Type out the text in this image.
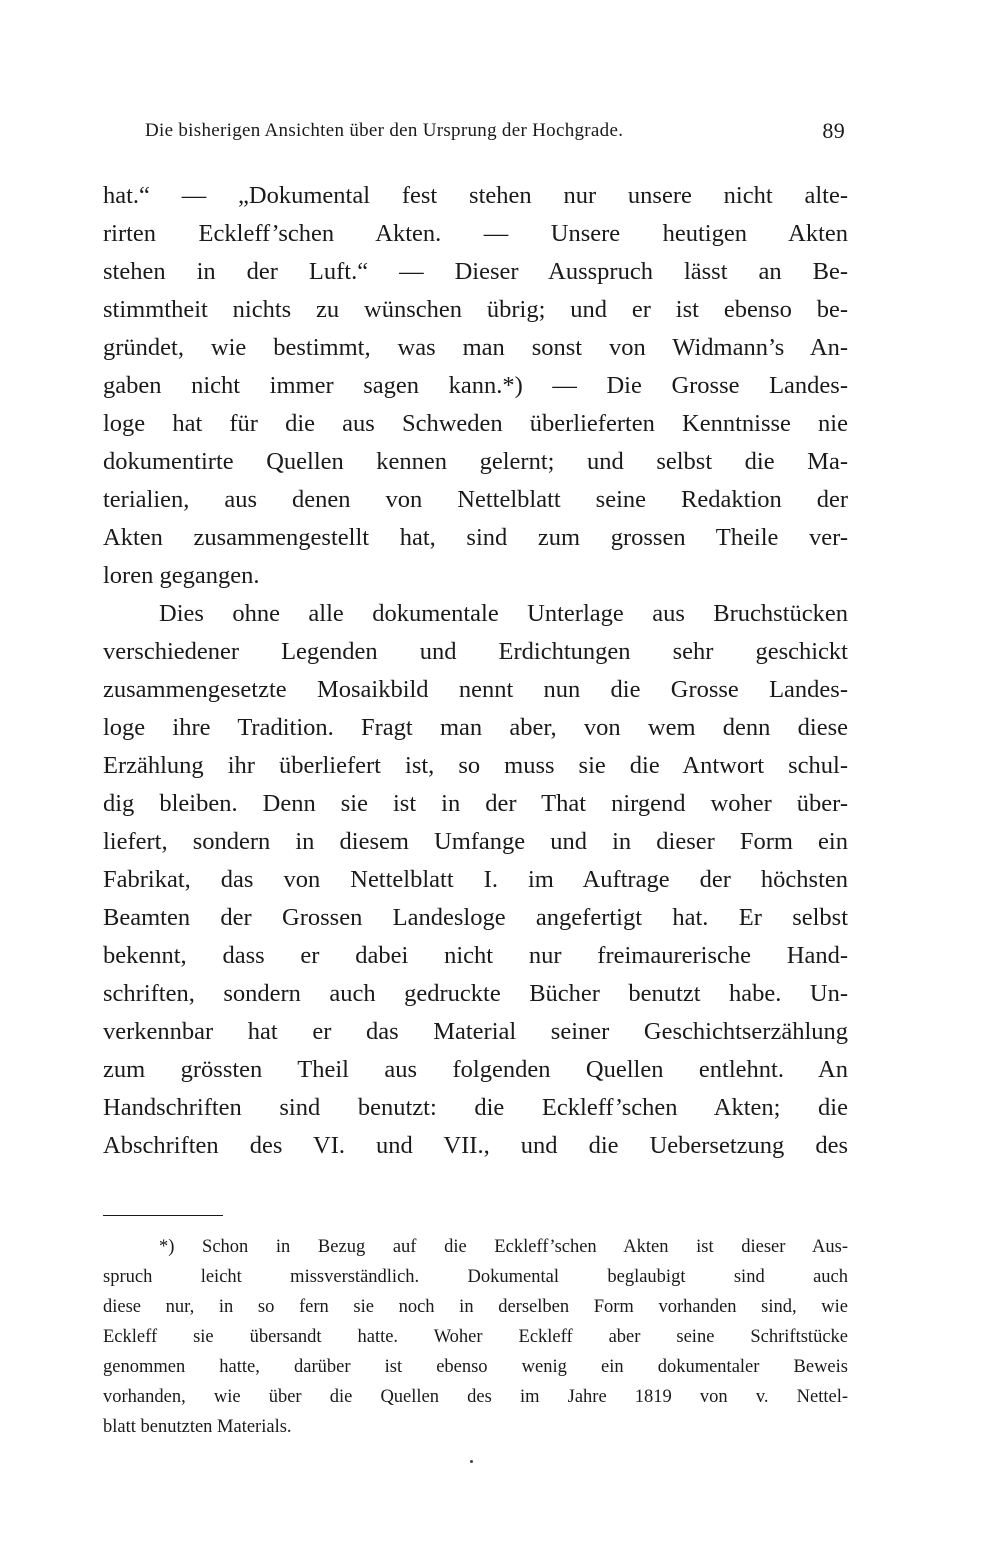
Die bisherigen Ansichten über den Ursprung der Hochgrade.	89
hat.“ — „Dokumental fest stehen nur unsere nicht alte-
rirten Eckleff’schen Akten. — Unsere heutigen Akten
stehen in der Luft.“ — Dieser Ausspruch lässt an Be-
stimmtheit nichts zu wünschen übrig; und er ist ebenso be-
gründet, wie bestimmt, was man sonst von Widmann’s An-
gaben nicht immer sagen kann.*) — Die Grosse Landes-
loge hat für die aus Schweden überlieferten Kenntnisse nie
dokumentirte Quellen kennen gelernt; und selbst die Ma-
terialien, aus denen von Nettelblatt seine Redaktion der
Akten zusammengestellt hat, sind zum grossen Theile ver-
loren gegangen.
Dies ohne alle dokumentale Unterlage aus Bruchstücken
verschiedener Legenden und Erdichtungen sehr geschickt
zusammengesetzte Mosaikbild nennt nun die Grosse Landes-
loge ihre Tradition. Fragt man aber, von wem denn diese
Erzählung ihr überliefert ist, so muss sie die Antwort schul-
dig bleiben. Denn sie ist in der That nirgend woher über-
liefert, sondern in diesem Umfange und in dieser Form ein
Fabrikat, das von Nettelblatt I. im Auftrage der höchsten
Beamten der Grossen Landesloge angefertigt hat. Er selbst
bekennt, dass er dabei nicht nur freimaurerische Hand-
schriften, sondern auch gedruckte Bücher benutzt habe. Un-
verkennbar hat er das Material seiner Geschichtserzählung
zum grössten Theil aus folgenden Quellen entlehnt. An
Handschriften sind benutzt: die Eckleff’schen Akten; die
Abschriften des VI. und VII., und die Uebersetzung des
*) Schon in Bezug auf die Eckleff’schen Akten ist dieser Aus-
spruch leicht missverständlich. Dokumental beglaubigt sind auch
diese nur, in so fern sie noch in derselben Form vorhanden sind, wie
Eckleff sie übersandt hatte. Woher Eckleff aber seine Schriftstücke
genommen hatte, darüber ist ebenso wenig ein dokumentaler Beweis
vorhanden, wie über die Quellen des im Jahre 1819 von v. Nettel-
blatt benutzten Materials.
